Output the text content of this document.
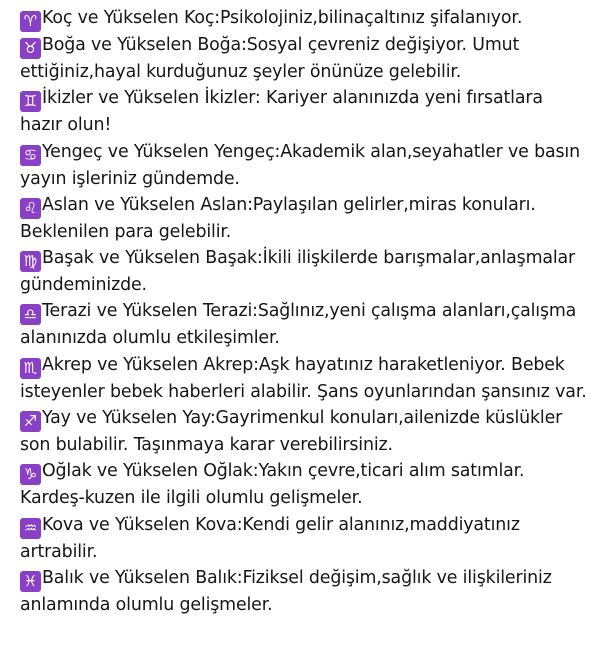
♈ Koç ve Yükselen Koç:Psikolojiniz,bilinaçaltınız şifalanıyor.

♉ Boğa ve Yükselen Boğa:Sosyal çevreniz değişiyor. Umut ettiğiniz,hayal kurduğunuz şeyler önünüze gelebilir.

♊ İkizler ve Yükselen İkizler: Kariyer alanınızda yeni fırsatlara hazır olun!

♋ Yengeç ve Yükselen Yengeç:Akademik alan,seyahatler ve basın yayın işleriniz gündemde.

♌ Aslan ve Yükselen Aslan:Paylaşılan gelirler,miras konuları. Beklenilen para gelebilir.

♍ Başak ve Yükselen Başak:İkili ilişkilerde barışmalar,anlaşmalar gündeminizde.

♎ Terazi ve Yükselen Terazi:Sağlınız,yeni çalışma alanları,çalışma alanınızda olumlu etkileşimler.

♏ Akrep ve Yükselen Akrep:Aşk hayatınız haraketleniyor. Bebek isteyenler bebek haberleri alabilir. Şans oyunlarından şansınız var.

♐ Yay ve Yükselen Yay:Gayrimenkul konuları,ailenizde küslükler son bulabilir. Taşınmaya karar verebilirsiniz.

♑ Oğlak ve Yükselen Oğlak:Yakın çevre,ticari alım satımlar. Kardeş-kuzen ile ilgili olumlu gelişmeler.

♒ Kova ve Yükselen Kova:Kendi gelir alanınız,maddiyatınız artrabilir.

♓ Balık ve Yükselen Balık:Fiziksel değişim,sağlık ve ilişkileriniz anlamında olumlu gelişmeler.
